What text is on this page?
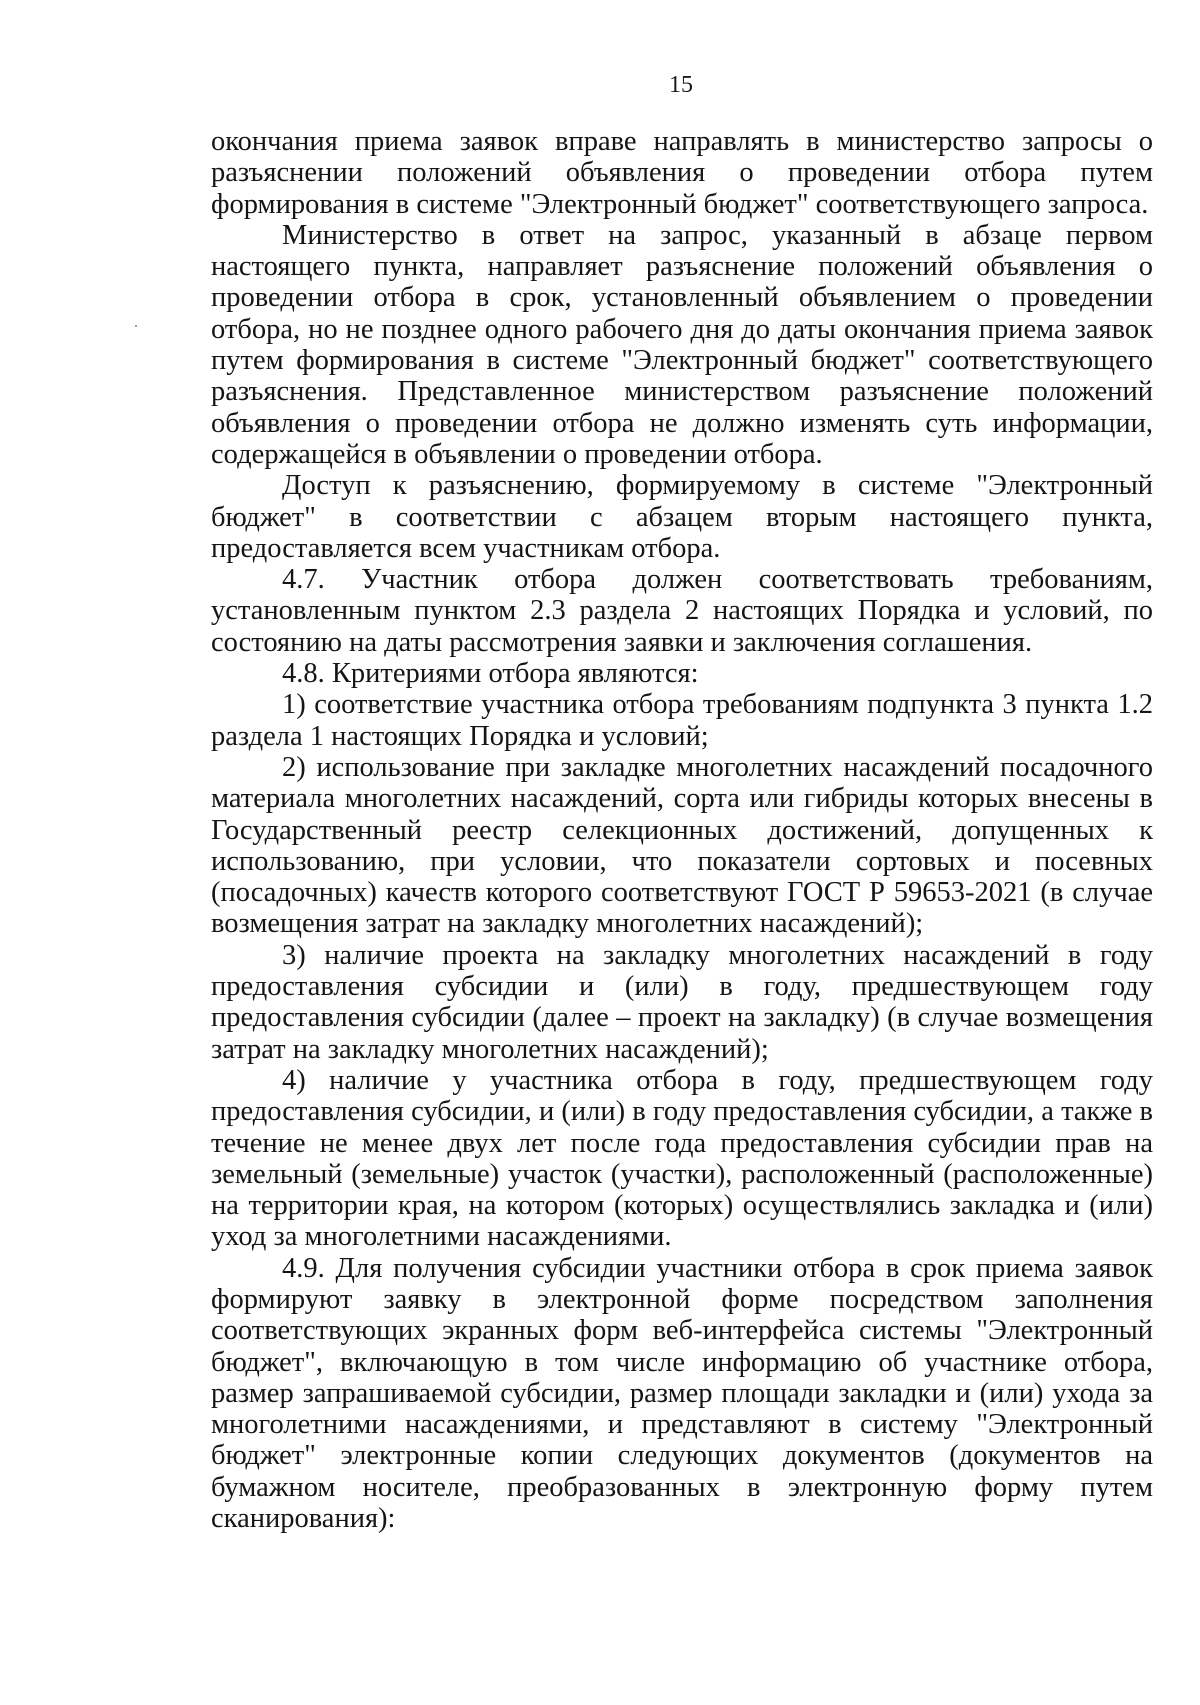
15

окончания приема заявок вправе направлять в министерство запросы о разъяснении положений объявления о проведении отбора путем формирования в системе "Электронный бюджет" соответствующего запроса.

Министерство в ответ на запрос, указанный в абзаце первом настоящего пункта, направляет разъяснение положений объявления о проведении отбора в срок, установленный объявлением о проведении отбора, но не позднее одного рабочего дня до даты окончания приема заявок путем формирования в системе "Электронный бюджет" соответствующего разъяснения. Представленное министерством разъяснение положений объявления о проведении отбора не должно изменять суть информации, содержащейся в объявлении о проведении отбора.

Доступ к разъяснению, формируемому в системе "Электронный бюджет" в соответствии с абзацем вторым настоящего пункта, предоставляется всем участникам отбора.

4.7. Участник отбора должен соответствовать требованиям, установленным пунктом 2.3 раздела 2 настоящих Порядка и условий, по состоянию на даты рассмотрения заявки и заключения соглашения.

4.8. Критериями отбора являются:

1) соответствие участника отбора требованиям подпункта 3 пункта 1.2 раздела 1 настоящих Порядка и условий;

2) использование при закладке многолетних насаждений посадочного материала многолетних насаждений, сорта или гибриды которых внесены в Государственный реестр селекционных достижений, допущенных к использованию, при условии, что показатели сортовых и посевных (посадочных) качеств которого соответствуют ГОСТ Р 59653-2021 (в случае возмещения затрат на закладку многолетних насаждений);

3) наличие проекта на закладку многолетних насаждений в году предоставления субсидии и (или) в году, предшествующем году предоставления субсидии (далее – проект на закладку) (в случае возмещения затрат на закладку многолетних насаждений);

4) наличие у участника отбора в году, предшествующем году предоставления субсидии, и (или) в году предоставления субсидии, а также в течение не менее двух лет после года предоставления субсидии прав на земельный (земельные) участок (участки), расположенный (расположенные) на территории края, на котором (которых) осуществлялись закладка и (или) уход за многолетними насаждениями.

4.9. Для получения субсидии участники отбора в срок приема заявок формируют заявку в электронной форме посредством заполнения соответствующих экранных форм веб-интерфейса системы "Электронный бюджет", включающую в том числе информацию об участнике отбора, размер запрашиваемой субсидии, размер площади закладки и (или) ухода за многолетними насаждениями, и представляют в систему "Электронный бюджет" электронные копии следующих документов (документов на бумажном носителе, преобразованных в электронную форму путем сканирования):
